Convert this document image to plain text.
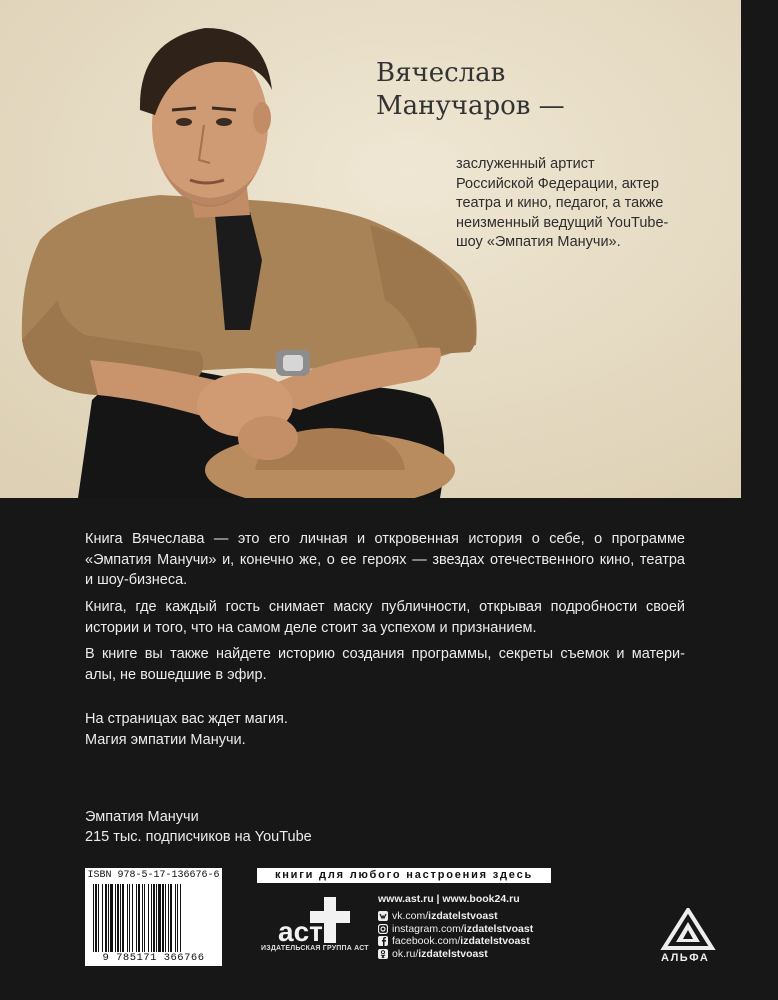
Вячеслав
Манучаров —
заслуженный артист
Российской Федерации, актер
театра и кино, педагог, а также
неизменный ведущий YouTube-
шоу «Эмпатия Манучи».
Книга Вячеслава — это его личная и откровенная история о себе, о программе
«Эмпатия Манучи» и, конечно же, о ее героях — звездах отечественного кино, театра
и шоу-бизнеса.
Книга, где каждый гость снимает маску публичности, открывая подробности своей
истории и того, что на самом деле стоит за успехом и признанием.
В книге вы также найдете историю создания программы, секреты съемок и матери-
алы, не вошедшие в эфир.
На страницах вас ждет магия.
Магия эмпатии Манучи.
Эмпатия Манучи
215 тыс. подписчиков на YouTube
ISBN 978-5-17-136676-6
9 785171 366766
книги для любого настроения здесь
аст
ИЗДАТЕЛЬСКАЯ ГРУППА АСТ
www.ast.ru | www.book24.ru
vk.com/ izdatelstvoast
instagram.com/ izdatelstvoast
facebook.com/ izdatelstvoast
ok.ru/ izdatelstvoast	АЛЬФА
